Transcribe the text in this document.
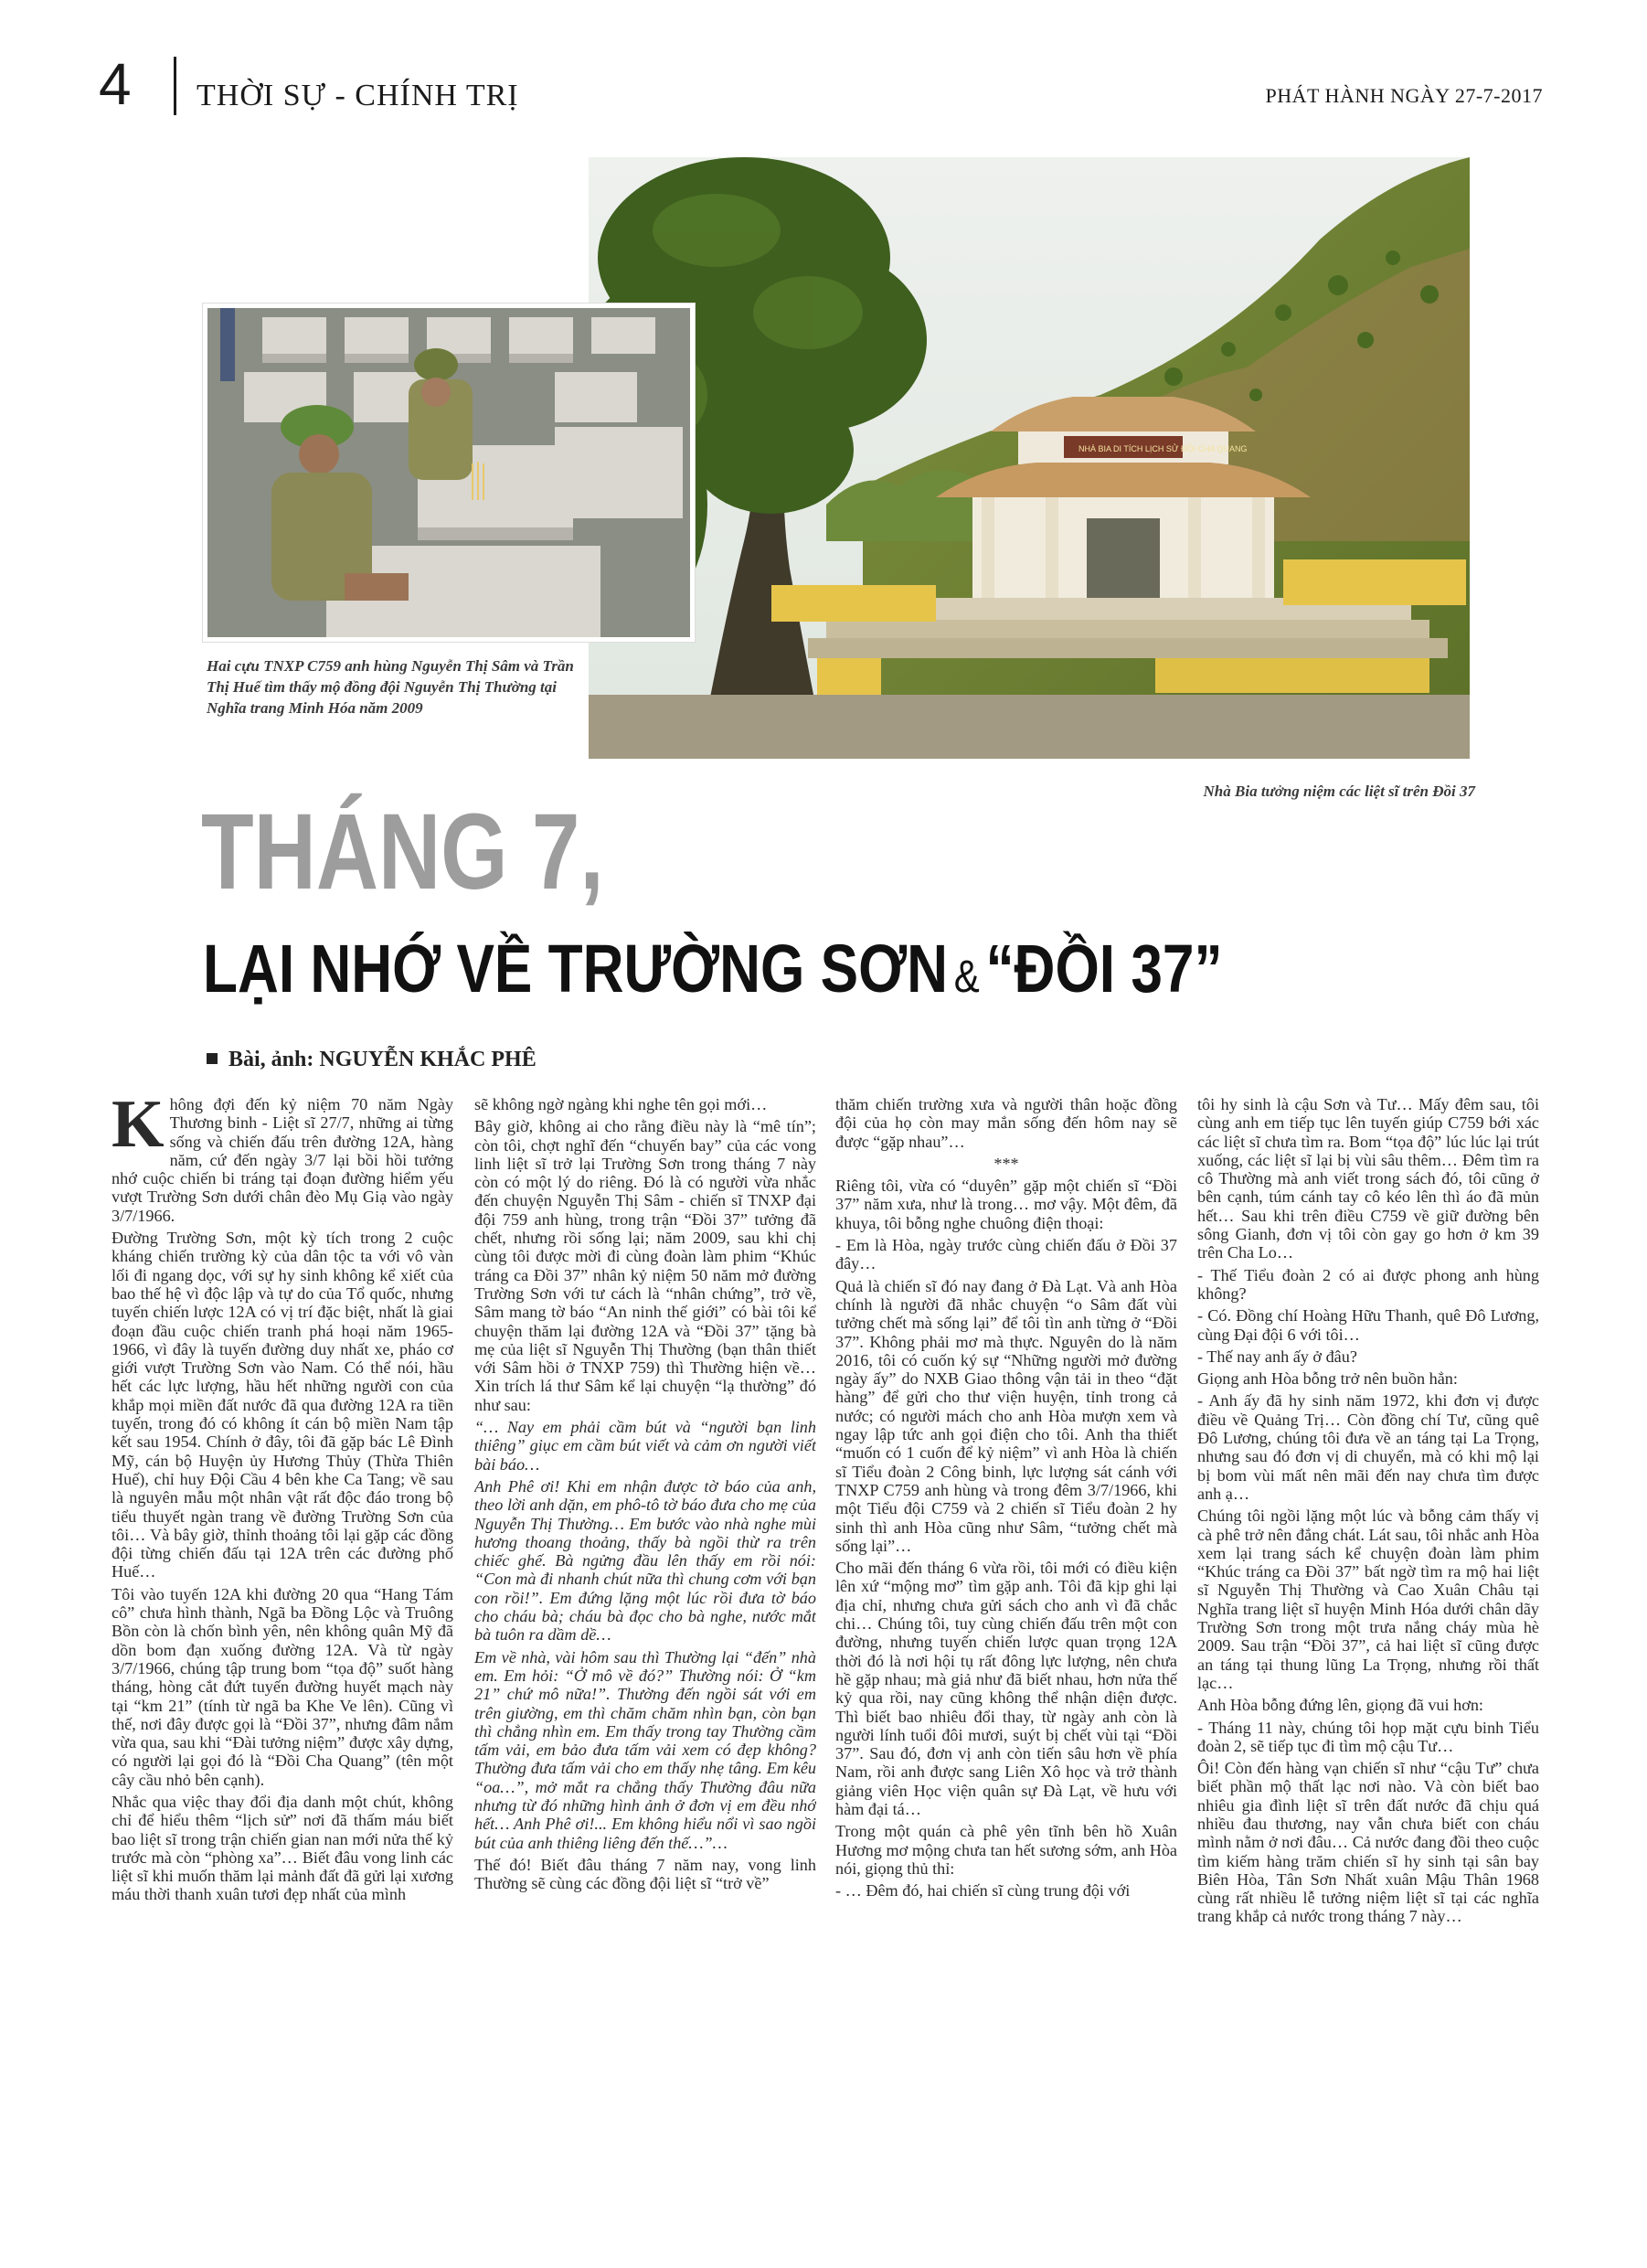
4 THỜI SỰ - CHÍNH TRỊ	PHÁT HÀNH NGÀY 27-7-2017
NHÀ BIA DI TÍCH LỊCH SỬ ĐỒI CHA QUANG
Hai cựu TNXP C759 anh hùng Nguyễn Thị Sâm và Trần Thị Huế tìm thấy mộ đồng đội Nguyễn Thị Thường tại Nghĩa trang Minh Hóa năm 2009
Nhà Bia tưởng niệm các liệt sĩ trên Đồi 37
THÁNG 7,
LẠI NHỚ VỀ TRƯỜNG SƠN &“ĐỒI 37”
Bài, ảnh: NGUYỄN KHẮC PHÊ

Không đợi đến kỷ niệm 70 năm Ngày Thương binh - Liệt sĩ 27/7, những ai từng sống và chiến đấu trên đường 12A, hàng năm, cứ đến ngày 3/7 lại bồi hồi tưởng nhớ cuộc chiến bi tráng tại đoạn đường hiểm yếu vượt Trường Sơn dưới chân đèo Mụ Giạ vào ngày 3/7/1966.

Đường Trường Sơn, một kỳ tích trong 2 cuộc kháng chiến trường kỳ của dân tộc ta với vô vàn lối đi ngang dọc, với sự hy sinh không kể xiết của bao thế hệ vì độc lập và tự do của Tổ quốc, nhưng tuyến chiến lược 12A có vị trí đặc biệt, nhất là giai đoạn đầu cuộc chiến tranh phá hoại năm 1965-1966, vì đây là tuyến đường duy nhất xe, pháo cơ giới vượt Trường Sơn vào Nam. Có thể nói, hầu hết các lực lượng, hầu hết những người con của khắp mọi miền đất nước đã qua đường 12A ra tiền tuyến, trong đó có không ít cán bộ miền Nam tập kết sau 1954. Chính ở đây, tôi đã gặp bác Lê Đình Mỹ, cán bộ Huyện ủy Hương Thủy (Thừa Thiên Huế), chỉ huy Đội Cầu 4 bên khe Ca Tang; về sau là nguyên mẫu một nhân vật rất độc đáo trong bộ tiểu thuyết ngàn trang về đường Trường Sơn của tôi… Và bây giờ, thỉnh thoảng tôi lại gặp các đồng đội từng chiến đấu tại 12A trên các đường phố Huế…

Tôi vào tuyến 12A khi đường 20 qua “Hang Tám cô” chưa hình thành, Ngã ba Đồng Lộc và Truông Bồn còn là chốn bình yên, nên không quân Mỹ đã dồn bom đạn xuống đường 12A. Và từ ngày 3/7/1966, chúng tập trung bom “tọa độ” suốt hàng tháng, hòng cắt đứt tuyến đường huyết mạch này tại “km 21” (tính từ ngã ba Khe Ve lên). Cũng vì thế, nơi đây được gọi là “Đồi 37”, nhưng đâm nắm vừa qua, sau khi “Đài tưởng niệm” được xây dựng, có người lại gọi đó là “Đồi Cha Quang” (tên một cây cầu nhỏ bên cạnh).

Nhắc qua việc thay đổi địa danh một chút, không chỉ để hiểu thêm “lịch sử” nơi đã thấm máu biết bao liệt sĩ trong trận chiến gian nan mới nửa thế kỷ trước mà còn “phòng xa”… Biết đâu vong linh các liệt sĩ khi muốn thăm lại mảnh đất đã gửi lại xương máu thời thanh xuân tươi đẹp nhất của mình

sẽ không ngờ ngàng khi nghe tên gọi mới…

Bây giờ, không ai cho rằng điều này là “mê tín”; còn tôi, chợt nghĩ đến “chuyến bay” của các vong linh liệt sĩ trở lại Trường Sơn trong tháng 7 này còn có một lý do riêng. Đó là có người vừa nhắc đến chuyện Nguyễn Thị Sâm - chiến sĩ TNXP đại đội 759 anh hùng, trong trận “Đồi 37” tưởng đã chết, nhưng rồi sống lại; năm 2009, sau khi chị cùng tôi được mời đi cùng đoàn làm phim “Khúc tráng ca Đồi 37” nhân kỷ niệm 50 năm mở đường Trường Sơn với tư cách là “nhân chứng”, trở về, Sâm mang tờ báo “An ninh thế giới” có bài tôi kể chuyện thăm lại đường 12A và “Đồi 37” tặng bà mẹ của liệt sĩ Nguyễn Thị Thường (bạn thân thiết với Sâm hồi ở TNXP 759) thì Thường hiện về… Xin trích lá thư Sâm kể lại chuyện “lạ thường” đó như sau:

“… Nay em phải cầm bút và “người bạn linh thiêng” giục em cầm bút viết và cảm ơn người viết bài báo…

Anh Phê ơi! Khi em nhận được tờ báo của anh, theo lời anh dặn, em phô-tô tờ báo đưa cho mẹ của Nguyễn Thị Thường… Em bước vào nhà nghe mùi hương thoang thoảng, thấy bà ngồi thừ ra trên chiếc ghế. Bà ngửng đầu lên thấy em rồi nói: “Con mà đi nhanh chút nữa thì chung cơm với bạn con rồi!”. Em đứng lặng một lúc rồi đưa tờ báo cho cháu bà; cháu bà đọc cho bà nghe, nước mắt bà tuôn ra dầm dề…

Em về nhà, vài hôm sau thì Thường lại “đến” nhà em. Em hỏi: “Ở mô về đó?” Thường nói: Ở “km 21” chứ mô nữa!”. Thường đến ngồi sát với em trên giường, em thì chăm chăm nhìn bạn, còn bạn thì chẳng nhìn em. Em thấy trong tay Thường cầm tấm vải, em bảo đưa tấm vải xem có đẹp không? Thường đưa tấm vải cho em thấy nhẹ tâng. Em kêu “oa…”, mở mắt ra chẳng thấy Thường đâu nữa nhưng từ đó những hình ảnh ở đơn vị em đều nhớ hết… Anh Phê ơi!... Em không hiểu nổi vì sao ngồi bút của anh thiêng liêng đến thế…”…

Thế đó! Biết đâu tháng 7 năm nay, vong linh Thường sẽ cùng các đồng đội liệt sĩ “trở về”

thăm chiến trường xưa và người thân hoặc đồng đội của họ còn may mắn sống đến hôm nay sẽ được “gặp nhau”…

***

Riêng tôi, vừa có “duyên” gặp một chiến sĩ “Đồi 37” năm xưa, như là trong… mơ vậy. Một đêm, đã khuya, tôi bỗng nghe chuông điện thoại:

- Em là Hòa, ngày trước cùng chiến đấu ở Đồi 37 đây…

Quả là chiến sĩ đó nay đang ở Đà Lạt. Và anh Hòa chính là người đã nhắc chuyện “o Sâm đất vùi tưởng chết mà sống lại” để tôi tìn anh từng ở “Đồi 37”. Không phải mơ mà thực. Nguyên do là năm 2016, tôi có cuốn ký sự “Những người mở đường ngày ấy” do NXB Giao thông vận tải in theo “đặt hàng” để gửi cho thư viện huyện, tỉnh trong cả nước; có người mách cho anh Hòa mượn xem và ngay lập tức anh gọi điện cho tôi. Anh tha thiết “muốn có 1 cuốn để kỷ niệm” vì anh Hòa là chiến sĩ Tiểu đoàn 2 Công binh, lực lượng sát cánh với TNXP C759 anh hùng và trong đêm 3/7/1966, khi một Tiểu đội C759 và 2 chiến sĩ Tiểu đoàn 2 hy sinh thì anh Hòa cũng như Sâm, “tưởng chết mà sống lại”…

Cho mãi đến tháng 6 vừa rồi, tôi mới có điều kiện lên xứ “mộng mơ” tìm gặp anh. Tôi đã kịp ghi lại địa chỉ, nhưng chưa gửi sách cho anh vì đã chắc chi… Chúng tôi, tuy cùng chiến đấu trên một con đường, nhưng tuyến chiến lược quan trọng 12A thời đó là nơi hội tụ rất đông lực lượng, nên chưa hề gặp nhau; mà giả như đã biết nhau, hơn nửa thế kỷ qua rồi, nay cũng không thể nhận diện được. Thì biết bao nhiêu đổi thay, từ ngày anh còn là người lính tuổi đôi mươi, suýt bị chết vùi tại “Đồi 37”. Sau đó, đơn vị anh còn tiến sâu hơn về phía Nam, rồi anh được sang Liên Xô học và trở thành giảng viên Học viện quân sự Đà Lạt, về hưu với hàm đại tá…

Trong một quán cà phê yên tĩnh bên hồ Xuân Hương mơ mộng chưa tan hết sương sớm, anh Hòa nói, giọng thủ thỉ:

- … Đêm đó, hai chiến sĩ cùng trung đội với

tôi hy sinh là cậu Sơn và Tư… Mấy đêm sau, tôi cùng anh em tiếp tục lên tuyến giúp C759 bới xác các liệt sĩ chưa tìm ra. Bom “tọa độ” lúc lúc lại trút xuống, các liệt sĩ lại bị vùi sâu thêm… Đêm tìm ra cô Thường mà anh viết trong sách đó, tôi cũng ở bên cạnh, túm cánh tay cô kéo lên thì áo đã mủn hết… Sau khi trên điều C759 về giữ đường bên sông Gianh, đơn vị tôi còn gay go hơn ở km 39 trên Cha Lo…

- Thế Tiểu đoàn 2 có ai được phong anh hùng không?

- Có. Đồng chí Hoàng Hữu Thanh, quê Đô Lương, cùng Đại đội 6 với tôi…

- Thế nay anh ấy ở đâu?

Giọng anh Hòa bỗng trở nên buồn hẳn:

- Anh ấy đã hy sinh năm 1972, khi đơn vị được điều về Quảng Trị… Còn đồng chí Tư, cũng quê Đô Lương, chúng tôi đưa về an táng tại La Trọng, nhưng sau đó đơn vị di chuyển, mà có khi mộ lại bị bom vùi mất nên mãi đến nay chưa tìm được anh ạ…

Chúng tôi ngồi lặng một lúc và bỗng cảm thấy vị cà phê trở nên đắng chát. Lát sau, tôi nhắc anh Hòa xem lại trang sách kể chuyện đoàn làm phim “Khúc tráng ca Đồi 37” bất ngờ tìm ra mộ hai liệt sĩ Nguyễn Thị Thường và Cao Xuân Châu tại Nghĩa trang liệt sĩ huyện Minh Hóa dưới chân dãy Trường Sơn trong một trưa nắng cháy mùa hè 2009. Sau trận “Đồi 37”, cả hai liệt sĩ cũng được an táng tại thung lũng La Trọng, nhưng rồi thất lạc…

Anh Hòa bỗng đứng lên, giọng đã vui hơn:

- Tháng 11 này, chúng tôi họp mặt cựu binh Tiểu đoàn 2, sẽ tiếp tục đi tìm mộ cậu Tư…

Ôi! Còn đến hàng vạn chiến sĩ như “cậu Tư” chưa biết phần mộ thất lạc nơi nào. Và còn biết bao nhiêu gia đình liệt sĩ trên đất nước đã chịu quá nhiều đau thương, nay vẫn chưa biết con cháu mình nằm ở nơi đâu… Cả nước đang đồi theo cuộc tìm kiếm hàng trăm chiến sĩ hy sinh tại sân bay Biên Hòa, Tân Sơn Nhất xuân Mậu Thân 1968 cùng rất nhiều lễ tưởng niệm liệt sĩ tại các nghĩa trang khắp cả nước trong tháng 7 này…
